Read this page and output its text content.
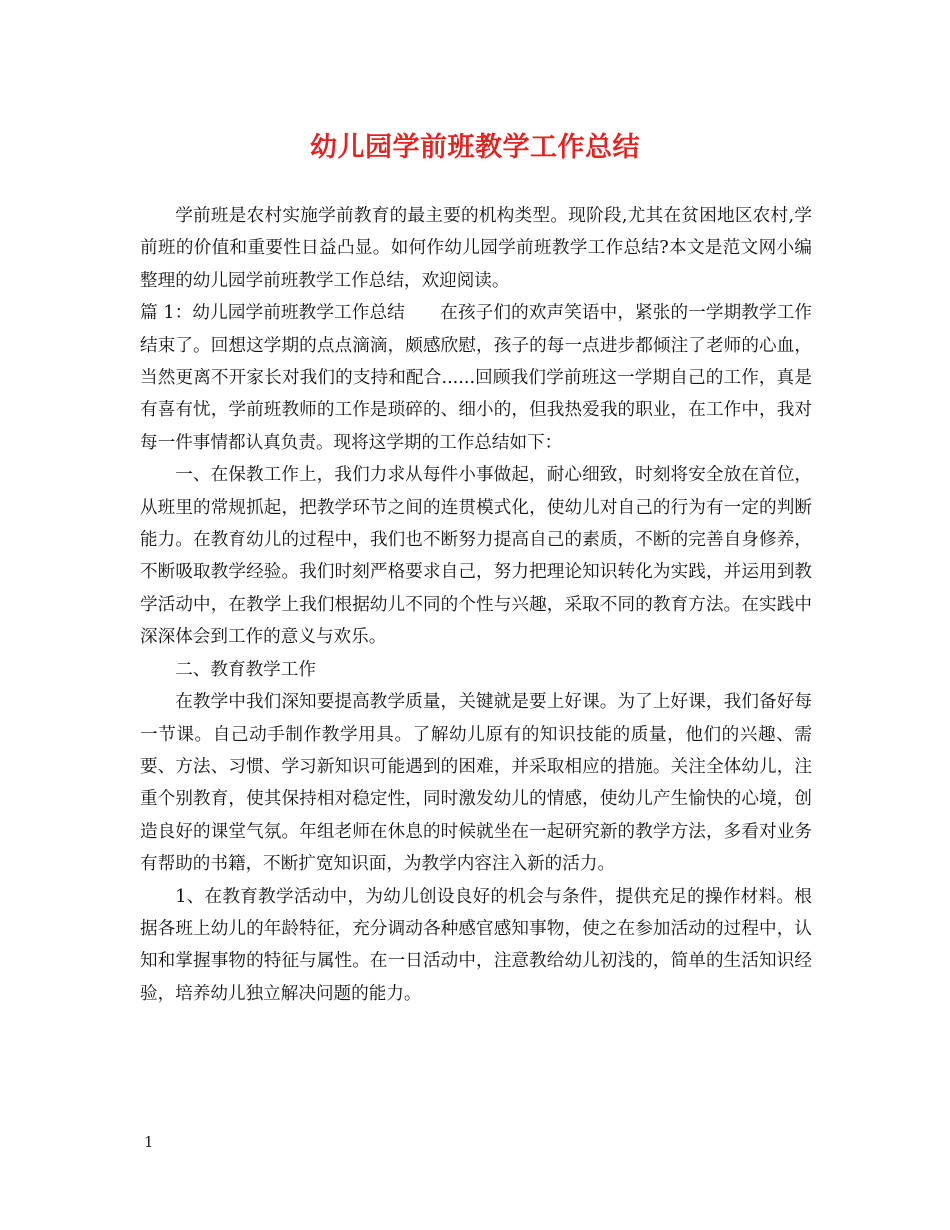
幼儿园学前班教学工作总结

学前班是农村实施学前教育的最主要的机构类型。现阶段,尤其在贫困地区农村,学前班的价值和重要性日益凸显。如何作幼儿园学前班教学工作总结?本文是范文网小编整理的幼儿园学前班教学工作总结，欢迎阅读。

篇 1：幼儿园学前班教学工作总结　　在孩子们的欢声笑语中，紧张的一学期教学工作结束了。回想这学期的点点滴滴，颇感欣慰，孩子的每一点进步都倾注了老师的心血，当然更离不开家长对我们的支持和配合......回顾我们学前班这一学期自己的工作，真是有喜有忧，学前班教师的工作是琐碎的、细小的，但我热爱我的职业，在工作中，我对每一件事情都认真负责。现将这学期的工作总结如下：

一、在保教工作上，我们力求从每件小事做起，耐心细致，时刻将安全放在首位，从班里的常规抓起，把教学环节之间的连贯模式化，使幼儿对自己的行为有一定的判断能力。在教育幼儿的过程中，我们也不断努力提高自己的素质，不断的完善自身修养，不断吸取教学经验。我们时刻严格要求自己，努力把理论知识转化为实践，并运用到教学活动中，在教学上我们根据幼儿不同的个性与兴趣，采取不同的教育方法。在实践中深深体会到工作的意义与欢乐。

二、教育教学工作

在教学中我们深知要提高教学质量，关键就是要上好课。为了上好课，我们备好每一节课。自己动手制作教学用具。了解幼儿原有的知识技能的质量，他们的兴趣、需要、方法、习惯、学习新知识可能遇到的困难，并采取相应的措施。关注全体幼儿，注重个别教育，使其保持相对稳定性，同时激发幼儿的情感，使幼儿产生愉快的心境，创造良好的课堂气氛。年组老师在休息的时候就坐在一起研究新的教学方法，多看对业务有帮助的书籍，不断扩宽知识面，为教学内容注入新的活力。

1、在教育教学活动中，为幼儿创设良好的机会与条件，提供充足的操作材料。根据各班上幼儿的年龄特征，充分调动各种感官感知事物，使之在参加活动的过程中，认知和掌握事物的特征与属性。在一日活动中，注意教给幼儿初浅的，简单的生活知识经验，培养幼儿独立解决问题的能力。

1
